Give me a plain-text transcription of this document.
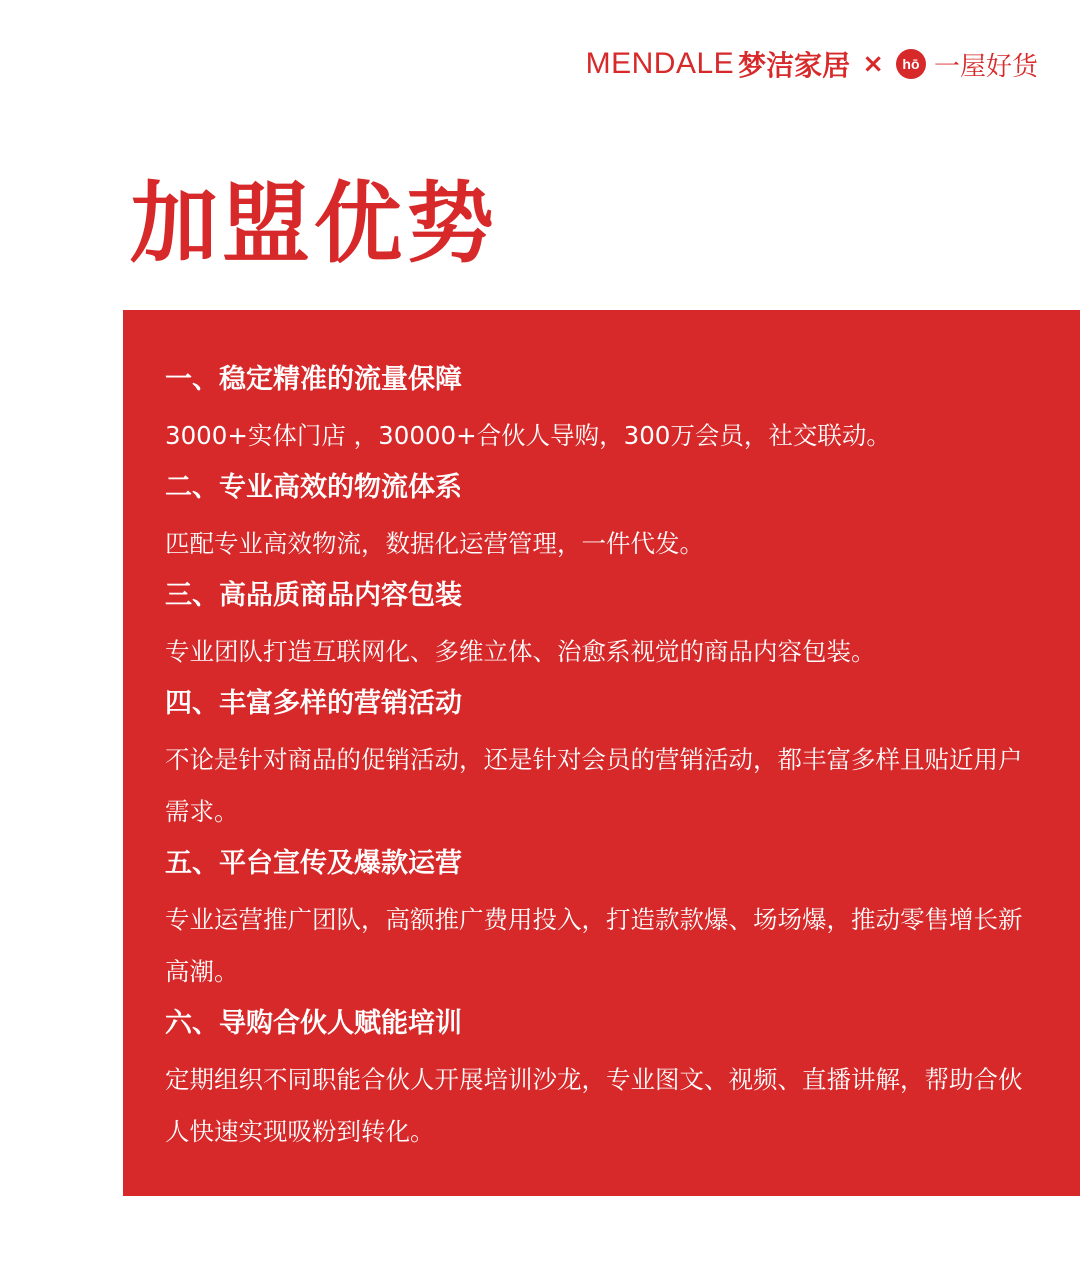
MENDALE 梦洁家居 ×	hō 一屋好货
加盟优势
一、稳定精准的流量保障

3000+实体门店 ，30000+合伙人导购，300万会员，社交联动。

二、专业高效的物流体系

匹配专业高效物流，数据化运营管理，一件代发。

三、高品质商品内容包装

专业团队打造互联网化、多维立体、治愈系视觉的商品内容包装。

四、丰富多样的营销活动

不论是针对商品的促销活动，还是针对会员的营销活动，都丰富多样且贴近用户需求。

五、平台宣传及爆款运营

专业运营推广团队，高额推广费用投入，打造款款爆、场场爆，推动零售增长新高潮。

六、导购合伙人赋能培训

定期组织不同职能合伙人开展培训沙龙，专业图文、视频、直播讲解，帮助合伙人快速实现吸粉到转化。
